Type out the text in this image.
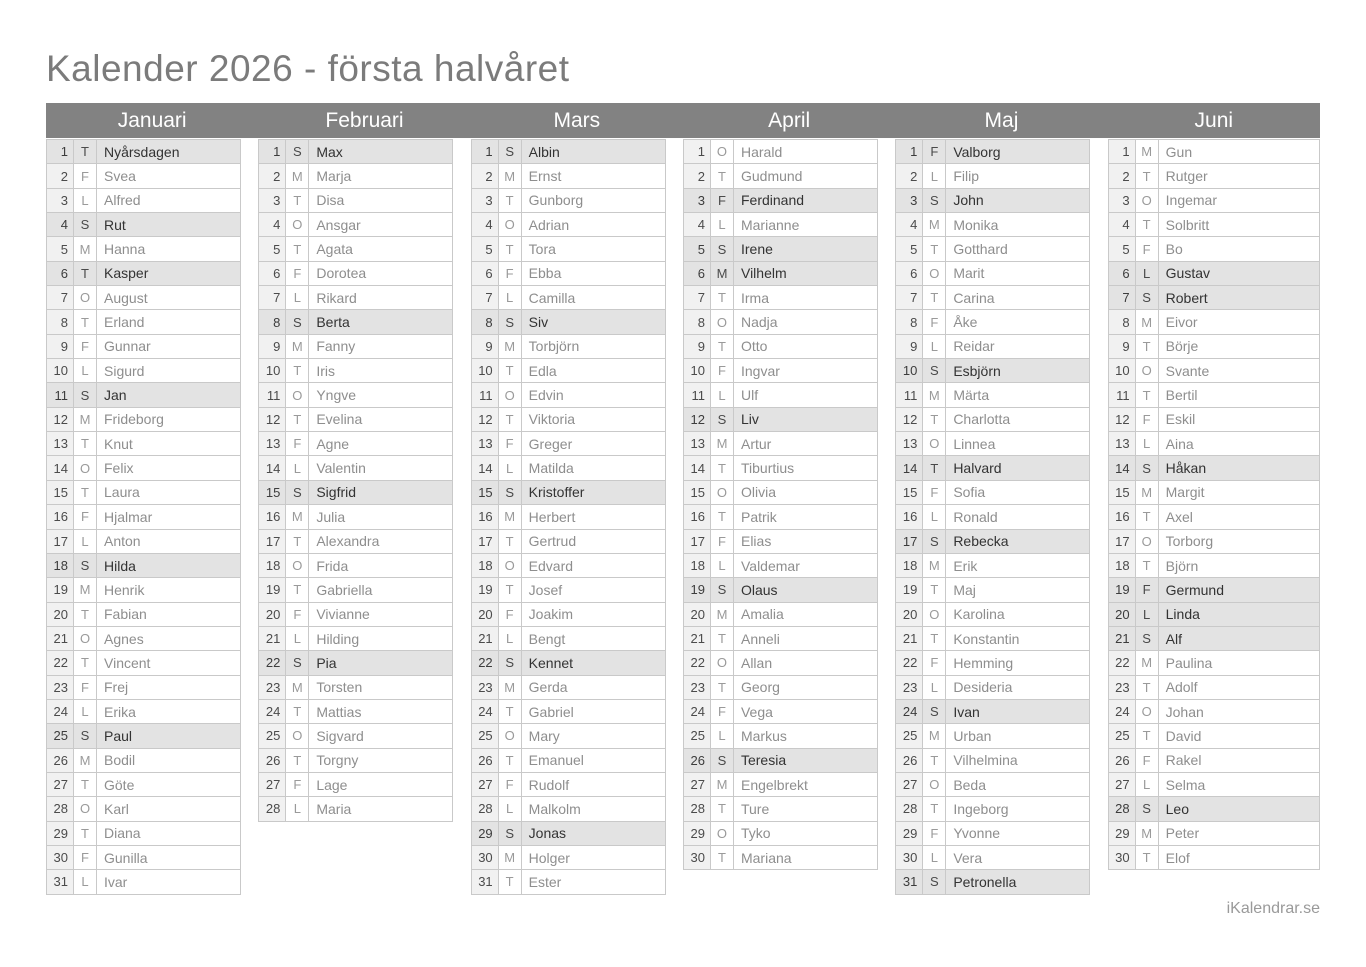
Kalender 2026 - första halvåret
Januari	Februari	Mars	April	Maj	Juni
1	T	Nyårsdagen
2	F	Svea
3	L	Alfred
4 S	Rut
5 M Hanna
6	T	Kasper
7 O August
8	T	Erland
9	F	Gunnar
10	L	Sigurd
11 S	Jan
12 M Frideborg
13	T	Knut
14 O Felix
15	T	Laura
16	F	Hjalmar
17	L	Anton
18 S	Hilda
19 M Henrik
20	T	Fabian
21 O Agnes
22	T	Vincent
23	F	Frej
24	L	Erika
25 S	Paul
26 M Bodil
27	T	Göte
28 O Karl
29	T	Diana
30	F	Gunilla
31	L	Ivar
1 S	Max
2 M Marja
3	T	Disa
4 O Ansgar
5	T	Agata
6	F	Dorotea
7	L	Rikard
8 S	Berta
9 M Fanny
10	T	Iris
11 O Yngve
12	T	Evelina
13	F	Agne
14	L	Valentin
15 S	Sigfrid
16 M Julia
17	T	Alexandra
18 O Frida
19	T	Gabriella
20	F	Vivianne
21	L	Hilding
22 S	Pia
23 M Torsten
24	T	Mattias
25 O Sigvard
26	T	Torgny
27	F	Lage
28	L	Maria
1 S	Albin
2 M Ernst
3	T	Gunborg
4 O Adrian
5	T	Tora
6	F	Ebba
7	L	Camilla
8 S	Siv
9 M Torbjörn
10	T	Edla
11 O Edvin
12	T	Viktoria
13	F	Greger
14	L	Matilda
15 S	Kristoffer
16 M Herbert
17	T	Gertrud
18 O Edvard
19	T	Josef
20	F	Joakim
21	L	Bengt
22 S	Kennet
23 M Gerda
24	T	Gabriel
25 O Mary
26	T	Emanuel
27	F	Rudolf
28	L	Malkolm
29 S	Jonas
30 M Holger
31	T	Ester
1 O Harald
2	T	Gudmund
3	F	Ferdinand
4	L	Marianne
5 S	Irene
6 M Vilhelm
7	T	Irma
8 O Nadja
9	T	Otto
10	F	Ingvar
11	L	Ulf
12 S	Liv
13 M Artur
14	T	Tiburtius
15 O Olivia
16	T	Patrik
17	F	Elias
18	L	Valdemar
19 S	Olaus
20 M Amalia
21	T	Anneli
22 O Allan
23	T	Georg
24	F	Vega
25	L	Markus
26 S	Teresia
27 M Engelbrekt
28	T	Ture
29 O Tyko
30	T	Mariana
1	F	Valborg
2	L	Filip
3 S	John
4 M Monika
5	T	Gotthard
6 O Marit
7	T	Carina
8	F	Åke
9	L	Reidar
10 S	Esbjörn
11 M Märta
12	T	Charlotta
13 O Linnea
14	T	Halvard
15	F	Sofia
16	L	Ronald
17 S	Rebecka
18 M Erik
19	T	Maj
20 O Karolina
21	T	Konstantin
22	F	Hemming
23	L	Desideria
24 S	Ivan
25 M Urban
26	T	Vilhelmina
27 O Beda
28	T	Ingeborg
29	F	Yvonne
30	L	Vera
31 S	Petronella
1 M Gun
2	T	Rutger
3 O Ingemar
4	T	Solbritt
5	F	Bo
6	L	Gustav
7 S	Robert
8 M Eivor
9	T	Börje
10 O Svante
11	T	Bertil
12	F	Eskil
13	L	Aina
14 S	Håkan
15 M Margit
16	T	Axel
17 O Torborg
18	T	Björn
19	F	Germund
20	L	Linda
21 S	Alf
22 M Paulina
23	T	Adolf
24 O Johan
25	T	David
26	F	Rakel
27	L	Selma
28 S	Leo
29 M Peter
30	T	Elof
iKalendrar.se
